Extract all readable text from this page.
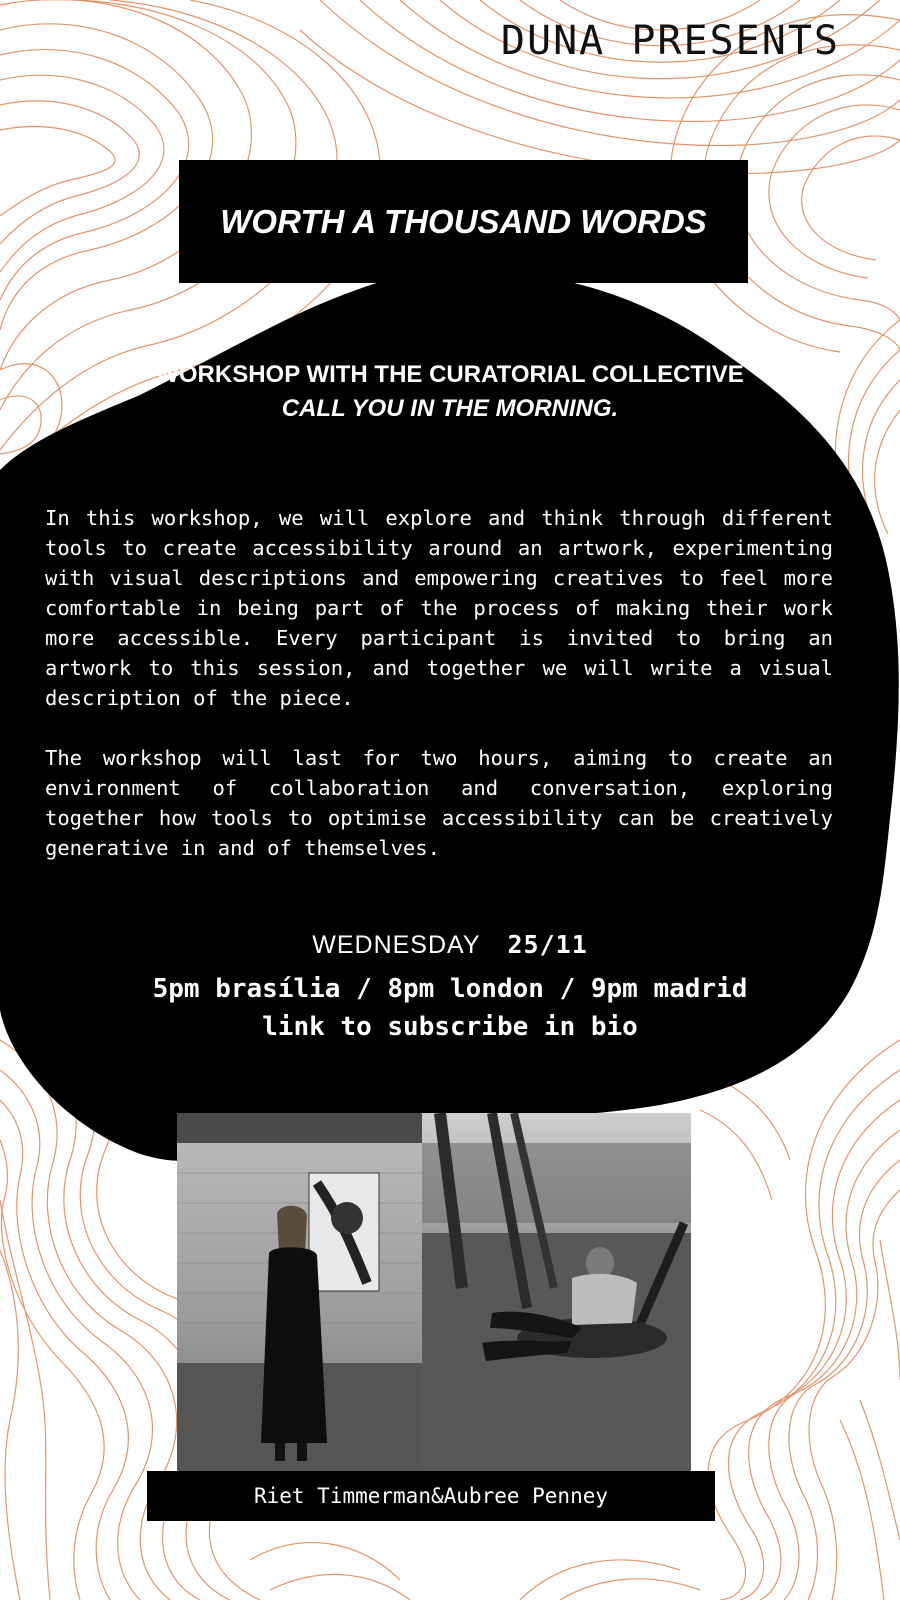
DUNA PRESENTS
WORTH A THOUSAND WORDS
WORKSHOP WITH THE CURATORIAL COLLECTIVE
CALL YOU IN THE MORNING.

In this workshop, we will explore and think through different tools to create accessibility around an artwork, experimenting with visual descriptions and empowering creatives to feel more comfortable in being part of the process of making their work more accessible. Every participant is invited to bring an artwork to this session, and together we will write a visual description of the piece.

The workshop will last for two hours, aiming to create an environment of collaboration and conversation, exploring together how tools to optimise accessibility can be creatively generative in and of themselves.

WEDNESDAY 25/11
5pm brasília / 8pm london / 9pm madrid
link to subscribe in bio
Riet Timmerman & Aubree Penney
